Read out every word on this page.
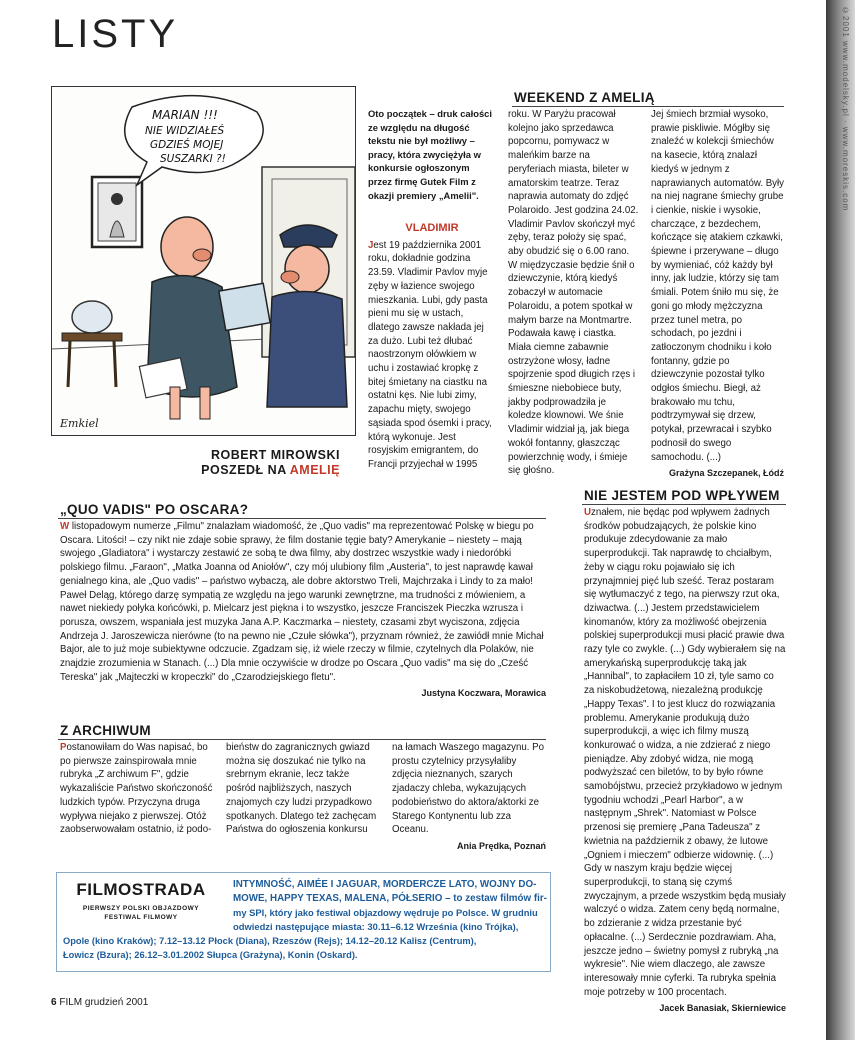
LISTY
MARIAN !!!
NIE WIDZIAŁEŚ
GDZIEŚ MOJEJ
SUSZARKI ?!
Emkiel
ROBERT MIROWSKI
POSZEDŁ NA AMELIĘ
WEEKEND Z AMELIĄ
Oto początek – druk całości ze względu na długość tekstu nie był możliwy – pracy, która zwyciężyła w konkursie ogłoszonym przez firmę Gutek Film z okazji premiery „Amelii".
VLADIMIR

Jest 19 października 2001 roku, dokładnie godzina 23.59. Vladimir Pavlov myje zęby w łazience swojego mieszkania. Lubi, gdy pasta pieni mu się w ustach, dlatego zawsze nakłada jej za dużo. Lubi też dłubać naostrzonym ołówkiem w uchu i zostawiać kropkę z bitej śmietany na ciastku na ostatni kęs. Nie lubi zimy, zapachu mięty, swojego sąsiada spod ósemki i pracy, którą wykonuje. Jest rosyjskim emigrantem, do Francji przyjechał w 1995

roku. W Paryżu pracował kolejno jako sprzedawca popcornu, pomywacz w maleńkim barze na peryferiach miasta, bileter w amatorskim teatrze. Teraz naprawia automaty do zdjęć Polaroido. Jest godzina 24.02. Vladimir Pavlov skończył myć zęby, teraz położy się spać, aby obudzić się o 6.00 rano. W międzyczasie będzie śnił o dziewczynie, którą kiedyś zobaczył w automacie Polaroidu, a potem spotkał w małym barze na Montmartre. Podawała kawę i ciastka. Miała ciemne zabawnie ostrzyżone włosy, ładne spojrzenie spod długich rzęs i śmieszne niebobiece buty, jakby podprowadziła je koledze klownowi. We śnie Vladimir widział ją, jak biega wokół fontanny, głaszcząc powierzchnię wody, i śmieje się głośno.

Jej śmiech brzmiał wysoko, prawie piskliwie. Mógłby się znaleźć w kolekcji śmiechów na kasecie, którą znalazł kiedyś w jednym z naprawianych automatów. Były na niej nagrane śmiechy grube i cienkie, niskie i wysokie, charczące, z bezdechem, kończące się atakiem czkawki, śpiewne i przerywane – długo by wymieniać, cóż każdy był inny, jak ludzie, którzy się tam śmiali. Potem śniło mu się, że goni go młody mężczyzna przez tunel metra, po schodach, po jezdni i zatłoczonym chodniku i koło fontanny, gdzie po dziewczynie pozostał tylko odgłos śmiechu. Biegł, aż brakowało mu tchu, podtrzymywał się drzew, potykał, przewracał i szybko podnosił do swego samochodu. (...)

Grażyna Szczepanek, Łódź
„QUO VADIS" PO OSCARA?

W listopadowym numerze „Filmu" znalazłam wiadomość, że „Quo vadis" ma reprezentować Polskę w biegu po Oscara. Litości! – czy nikt nie zdaje sobie sprawy, że film dostanie tęgie baty? Amerykanie – niestety – mają swojego „Gladiatora" i wystarczy zestawić ze sobą te dwa filmy, aby dostrzec wszystkie wady i niedoróbki polskiego filmu. „Faraon", „Matka Joanna od Aniołów", czy mój ulubiony film „Austeria", to jest naprawdę kawał genialnego kina, ale „Quo vadis" – państwo wybaczą, ale dobre aktorstwo Treli, Majchrzaka i Lindy to za mało! Paweł Deląg, którego darzę sympatią ze względu na jego warunki zewnętrzne, ma trudności z mówieniem, a nawet niekiedy połyka końcówki, p. Mielcarz jest piękna i to wszystko, jeszcze Franciszek Pieczka wzrusza i porusza, owszem, wspaniała jest muzyka Jana A.P. Kaczmarka – niestety, czasami zbyt wyciszona, zdjęcia Andrzeja J. Jaroszewicza nierówne (to na pewno nie „Czułe słówka"), przyznam również, że zawiódł mnie Michał Bajor, ale to już moje subiektywne odczucie. Zgadzam się, iż wiele rzeczy w filmie, czytelnych dla Polaków, nie znajdzie zrozumienia w Stanach. (...) Dla mnie oczywiście w drodze po Oscara „Quo vadis" ma się do „Cześć Tereska" jak „Majteczki w kropeczki" do „Czarodziejskiego fletu".

Justyna Koczwara, Morawica
Z ARCHIWUM

Postanowiłam do Was napisać, bo po pierwsze zainspirowała mnie rubryka „Z archiwum F", gdzie wykazaliście Państwo skończoność ludzkich typów. Przyczyna druga wypływa niejako z pierwszej. Otóż zaobserwowałam ostatnio, iż podo-

bieństw do zagranicznych gwiazd można się doszukać nie tylko na srebrnym ekranie, lecz także pośród najbliższych, naszych znajomych czy ludzi przypadkowo spotkanych. Dlatego też zachęcam Państwa do ogłoszenia konkursu

na łamach Waszego magazynu. Po prostu czytelnicy przysyłaliby zdjęcia nieznanych, szarych zjadaczy chleba, wykazujących podobieństwo do aktora/aktorki ze Starego Kontynentu lub zza Oceanu.

Ania Prędka, Poznań
NIE JESTEM POD WPŁYWEM

Uznałem, nie będąc pod wpływem żadnych środków pobudzających, że polskie kino produkuje zdecydowanie za mało superprodukcji. Tak naprawdę to chciałbym, żeby w ciągu roku pojawiało się ich przynajmniej pięć lub sześć. Teraz postaram się wytłumaczyć z tego, na pierwszy rzut oka, dziwactwa. (...) Jestem przedstawicielem kinomanów, który za możliwość obejrzenia polskiej superprodukcji musi płacić prawie dwa razy tyle co zwykle. (...) Gdy wybierałem się na amerykańską superprodukcję taką jak „Hannibal", to zapłaciłem 10 zł, tyle samo co za niskobudżetową, niezależną produkcję „Happy Texas". I to jest klucz do rozwiązania problemu. Amerykanie produkują dużo superprodukcji, a więc ich filmy muszą konkurować o widza, a nie zdzierać z niego pieniądze. Aby zdobyć widza, nie mogą podwyższać cen biletów, to by było równe samobójstwu, przecież przykładowo w jednym tygodniu wchodzi „Pearl Harbor", a w następnym „Shrek". Natomiast w Polsce przenosi się premierę „Pana Tadeusza" z kwietnia na październik z obawy, że lutowe „Ogniem i mieczem" odbierze widownię. (...) Gdy w naszym kraju będzie więcej superprodukcji, to staną się czymś zwyczajnym, a przede wszystkim będą musiały walczyć o widza. Zatem ceny będą normalne, bo zdzieranie z widza przestanie być opłacalne. (...) Serdecznie pozdrawiam. Aha, jeszcze jedno – świetny pomysł z rubryką „na wykresie". Nie wiem dlaczego, ale zawsze interesowały mnie cyferki. Ta rubryka spełnia moje potrzeby w 100 procentach.

Jacek Banasiak, Skierniewice
FILMOSTRADA
PIERWSZY POLSKI OBJAZDOWY
FESTIWAL FILMOWY
INTYMNOŚĆ, AIMÉE I JAGUAR, MORDERCZE LATO, WOJNY DO-
MOWE, HAPPY TEXAS, MALENA, PÓŁSERIO – to zestaw filmów fir-
my SPI, który jako festiwal objazdowy wędruje po Polsce. W grudniu
odwiedzi następujące miasta: 30.11–6.12 Września (kino Trójka),
Opole (kino Kraków); 7.12–13.12 Płock (Diana), Rzeszów (Rejs); 14.12–20.12 Kalisz (Centrum),
Łowicz (Bzura); 26.12–3.01.2002 Słupca (Grażyna), Konin (Oskard).
6 FILM grudzień 2001
©2001 www.modelsky.pl · www.moreskis.com
